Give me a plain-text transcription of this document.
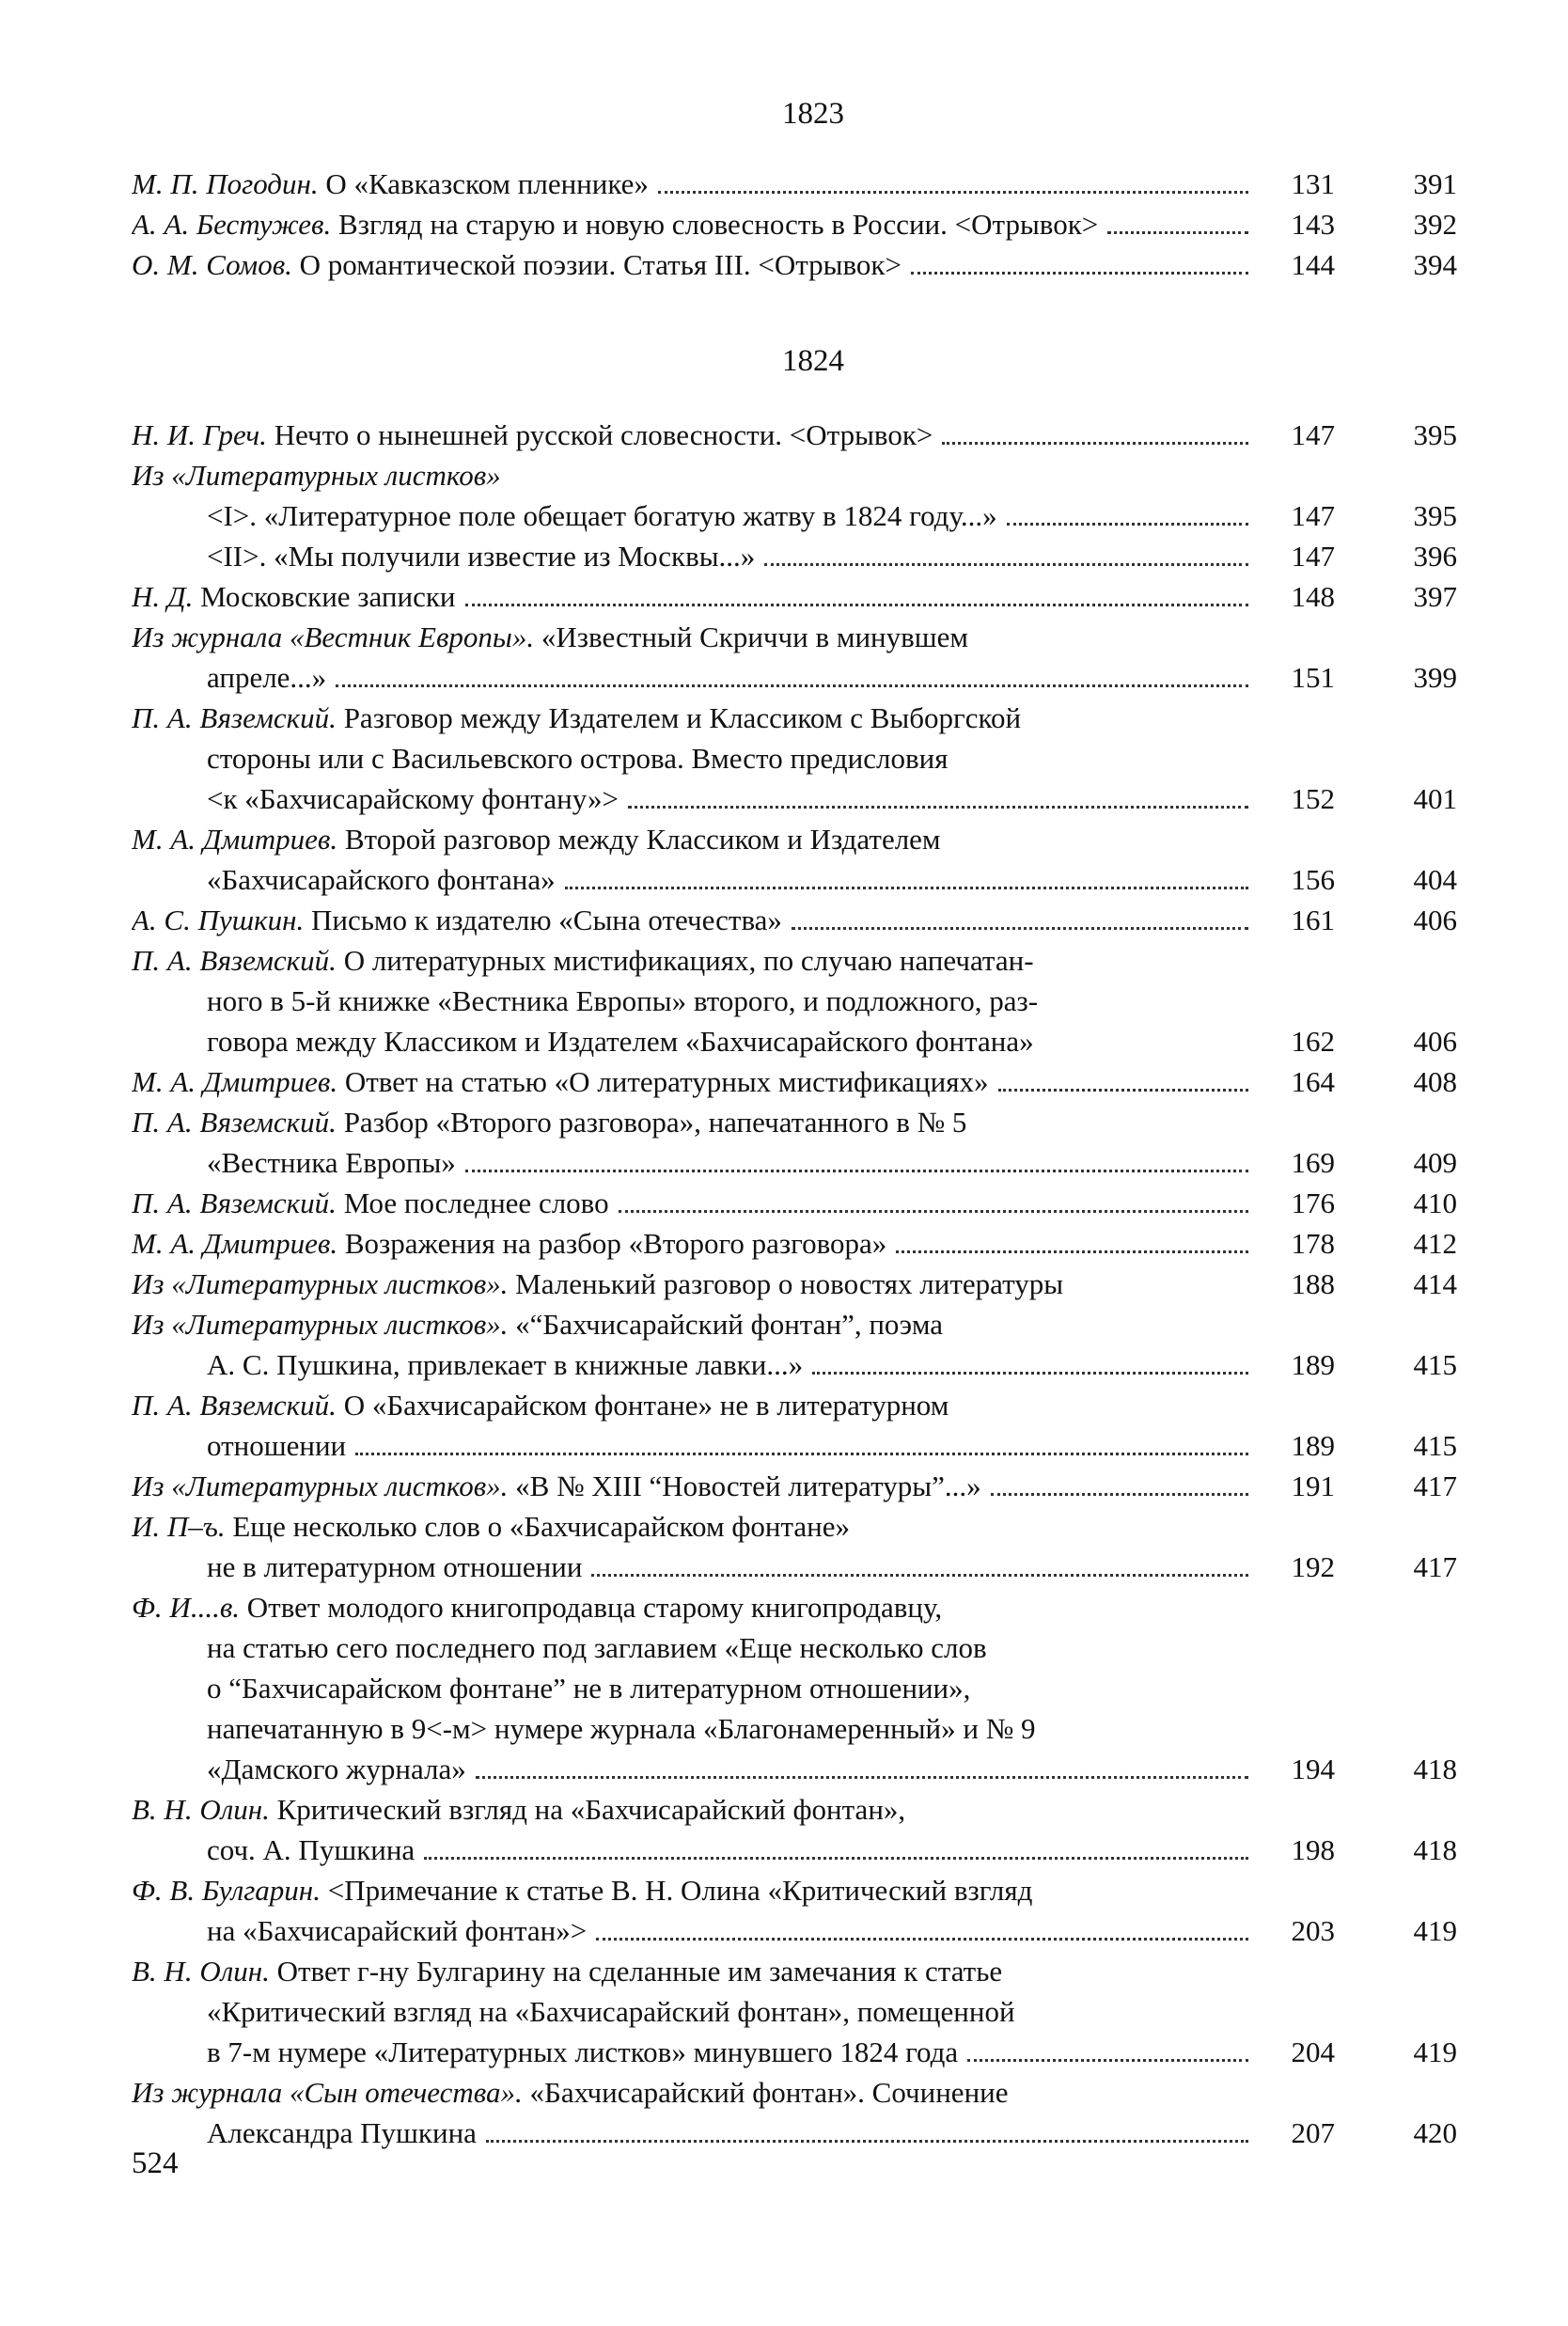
1823
М. П. Погодин. О «Кавказском пленнике»	131	391
А. А. Бестужев. Взгляд на старую и новую словесность в России. <Отрывок>	143	392
О. М. Сомов. О романтической поэзии. Статья III. <Отрывок>	144	394
1824
Н. И. Греч. Нечто о нынешней русской словесности. <Отрывок>	147	395
Из «Литературных листков»
<I>. «Литературное поле обещает богатую жатву в 1824 году...»	147	395
<II>. «Мы получили известие из Москвы...»	147	396
Н. Д. Московские записки	148	397
Из журнала «Вестник Европы». «Известный Скриччи в минувшем
апреле...»	151	399
П. А. Вяземский. Разговор между Издателем и Классиком с Выборгской
стороны или с Васильевского острова. Вместо предисловия
<к «Бахчисарайскому фонтану»>	152	401
М. А. Дмитриев. Второй разговор между Классиком и Издателем
«Бахчисарайского фонтана»	156	404
А. С. Пушкин. Письмо к издателю «Сына отечества»	161	406
П. А. Вяземский. О литературных мистификациях, по случаю напечатан-
ного в 5-й книжке «Вестника Европы» второго, и подложного, раз-
говора между Классиком и Издателем «Бахчисарайского фонтана»	162	406
М. А. Дмитриев. Ответ на статью «О литературных мистификациях»	164	408
П. А. Вяземский. Разбор «Второго разговора», напечатанного в № 5
«Вестника Европы»	169	409
П. А. Вяземский. Мое последнее слово	176	410
М. А. Дмитриев. Возражения на разбор «Второго разговора»	178	412
Из «Литературных листков». Маленький разговор о новостях литературы	188	414
Из «Литературных листков». «“Бахчисарайский фонтан”, поэма
А. С. Пушкина, привлекает в книжные лавки...»	189	415
П. А. Вяземский. О «Бахчисарайском фонтане» не в литературном
отношении	189	415
Из «Литературных листков». «В № XIII “Новостей литературы”...»	191	417
И. П–ъ. Еще несколько слов о «Бахчисарайском фонтане»
не в литературном отношении	192	417
Ф. И....в. Ответ молодого книгопродавца старому книгопродавцу,
на статью сего последнего под заглавием «Еще несколько слов
о “Бахчисарайском фонтане” не в литературном отношении»,
напечатанную в 9<-м> нумере журнала «Благонамеренный» и № 9
«Дамского журнала»	194	418
В. Н. Олин. Критический взгляд на «Бахчисарайский фонтан»,
соч. А. Пушкина	198	418
Ф. В. Булгарин. <Примечание к статье В. Н. Олина «Критический взгляд
на «Бахчисарайский фонтан»>	203	419
В. Н. Олин. Ответ г-ну Булгарину на сделанные им замечания к статье
«Критический взгляд на «Бахчисарайский фонтан», помещенной
в 7-м нумере «Литературных листков» минувшего 1824 года	204	419
Из журнала «Сын отечества». «Бахчисарайский фонтан». Сочинение
Александра Пушкина	207	420
524
